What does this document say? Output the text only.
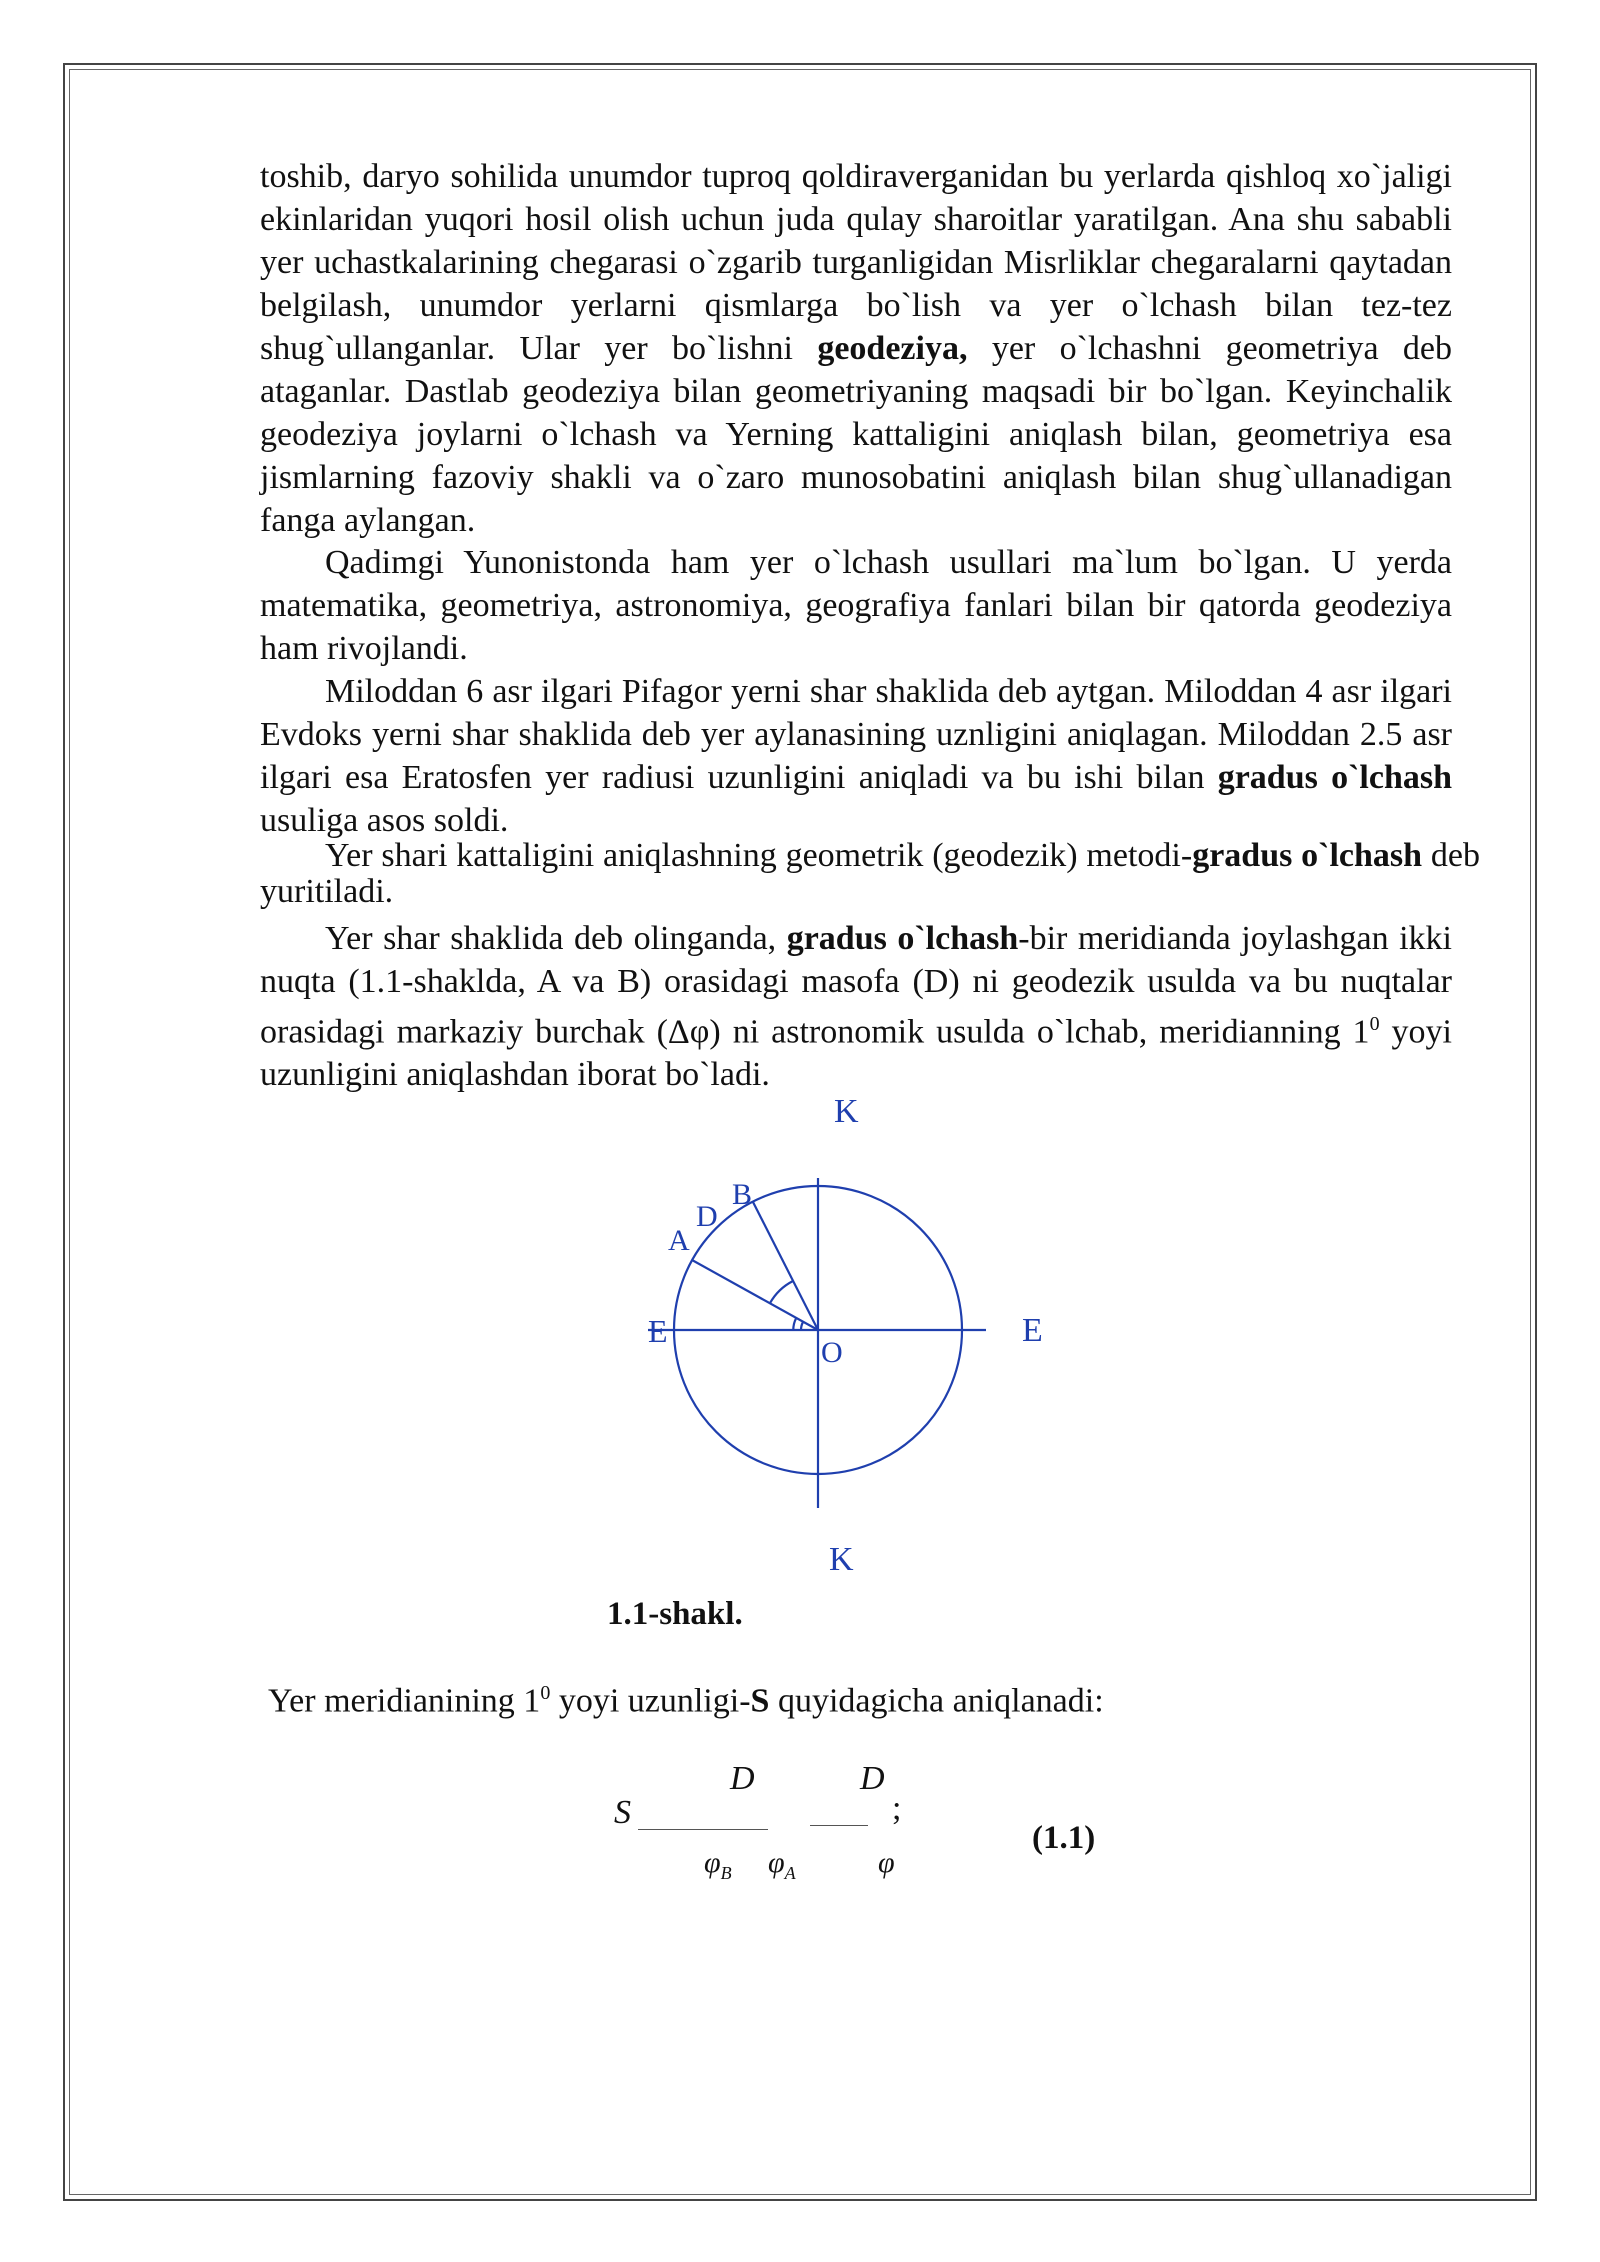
toshib, daryo sohilida unumdor tuproq qoldiraverganidan bu yerlarda qishloq xo`jaligi ekinlaridan yuqori hosil olish uchun juda qulay sharoitlar yaratilgan. Ana shu sababli yer uchastkalarining chegarasi o`zgarib turganligidan Misrliklar chegaralarni qaytadan belgilash, unumdor yerlarni qismlarga bo`lish va yer o`lchash bilan tez-tez shug`ullanganlar. Ular yer bo`lishni geodeziya, yer o`lchashni geometriya deb ataganlar. Dastlab geodeziya bilan geometriyaning maqsadi bir bo`lgan. Keyinchalik geodeziya joylarni o`lchash va Yerning kattaligini aniqlash bilan, geometriya esa jismlarning fazoviy shakli va o`zaro munosobatini aniqlash bilan shug`ullanadigan fanga aylangan.

Qadimgi Yunonistonda ham yer o`lchash usullari ma`lum bo`lgan. U yerda matematika, geometriya, astronomiya, geografiya fanlari bilan bir qatorda geodeziya ham rivojlandi.

Miloddan 6 asr ilgari Pifagor yerni shar shaklida deb aytgan. Miloddan 4 asr ilgari Evdoks yerni shar shaklida deb yer aylanasining uznligini aniqlagan. Miloddan 2.5 asr ilgari esa Eratosfen yer radiusi uzunligini aniqladi va bu ishi bilan gradus o`lchash usuliga asos soldi.

Yer shari kattaligini aniqlashning geometrik (geodezik) metodi-gradus o`lchash deb yuritiladi.

Yer shar shaklida deb olinganda, gradus o`lchash-bir meridianda joylashgan ikki nuqta (1.1-shaklda, A va B) orasidagi masofa (D) ni geodezik usulda va bu nuqtalar orasidagi markaziy burchak (Δφ) ni astronomik usulda o`lchab, meridianning $1^0$ yoyi uzunligini aniqlashdan iborat bo`ladi.

K
B
D
A
E
O
E
K
1.1-shakl.
Yer meridianining $1^0$ yoyi uzunligi-S quyidagicha aniqlanadi:
S
D
$\varphi_B$ $\varphi_A$
D
φ
;
(1.1)
